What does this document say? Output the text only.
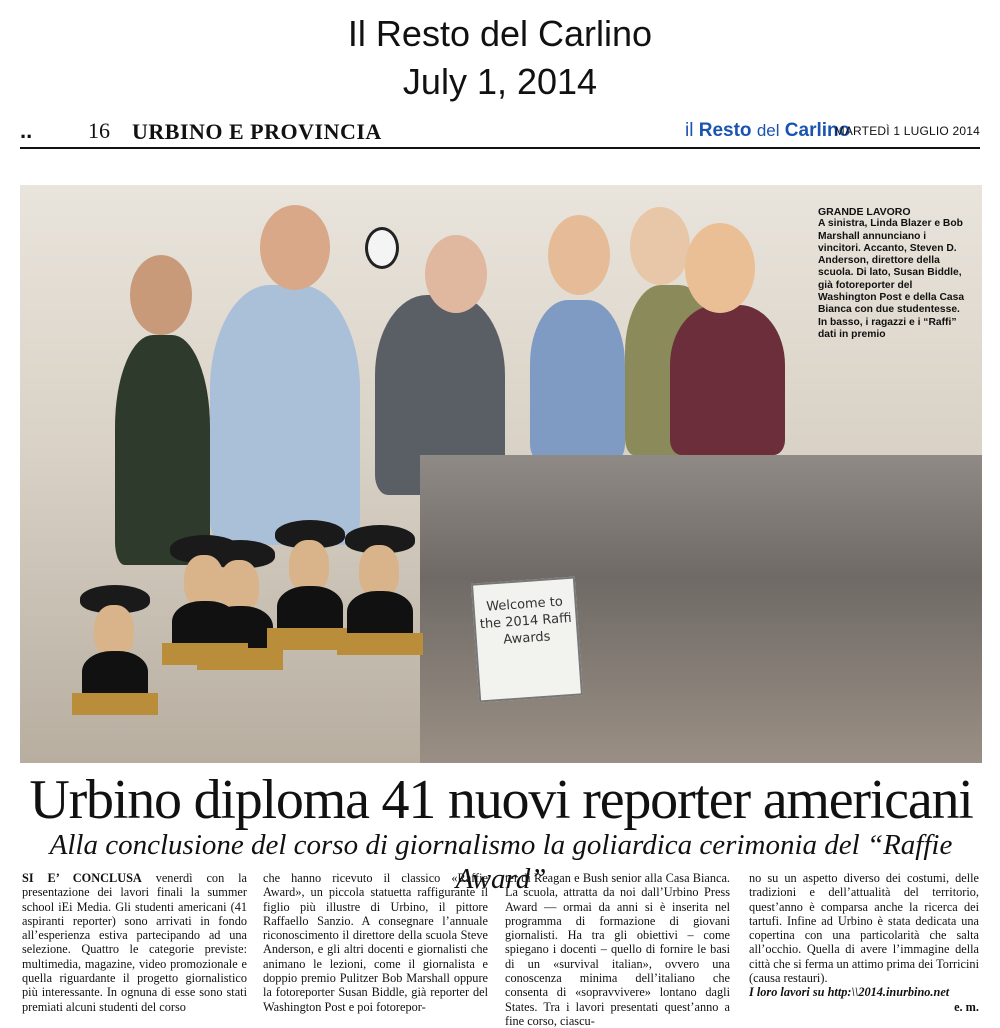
Il Resto del Carlino
July 1, 2014
..	16 URBINO E PROVINCIA	il Resto del Carlino
MARTEDÌ 1 LUGLIO 2014
Welcome to the 2014 Raffi Awards
GRANDE LAVORO
A sinistra, Linda Blazer e Bob Marshall annunciano i vincitori. Accanto, Steven D. Anderson, direttore della scuola. Di lato, Susan Biddle, già fotoreporter del Washington Post e della Casa Bianca con due studentesse. In basso, i ragazzi e i “Raffi” dati in premio
Urbino diploma 41 nuovi reporter americani
Alla conclusione del corso di giornalismo la goliardica cerimonia del “Raffie Award”
SI E’ CONCLUSA venerdì con la presentazione dei lavori finali la summer school iEi Media. Gli studenti americani (41 aspiranti reporter) sono arrivati in fondo all’esperienza estiva partecipando ad una selezione. Quattro le categorie previste: multimedia, magazine, video promozionale e quella riguardante il progetto giornalistico più interessante. In ognuna di esse sono stati premiati alcuni studenti del corso
che hanno ricevuto il classico «Raffie Award», un piccola statuetta raffigurante il figlio più illustre di Urbino, il pittore Raffaello Sanzio. A consegnare l’annuale riconoscimento il direttore della scuola Steve Anderson, e gli altri docenti e giornalisti che animano le lezioni, come il giornalista e doppio premio Pulitzer Bob Marshall oppure la fotoreporter Susan Biddle, già reporter del Washington Post e poi fotorepor-
ter di Reagan e Bush senior alla Casa Bianca. La scuola, attratta da noi dall’Urbino Press Award — ormai da anni si è inserita nel programma di formazione di giovani giornalisti. Ha tra gli obiettivi – come spiegano i docenti – quello di fornire le basi di un «survival italian», ovvero una conoscenza minima dell’italiano che consenta di «sopravvivere» lontano dagli States. Tra i lavori presentati quest’anno a fine corso, ciascu-
no su un aspetto diverso dei costumi, delle tradizioni e dell’attualità del territorio, quest’anno è comparsa anche la ricerca dei tartufi. Infine ad Urbino è stata dedicata una copertina con una particolarità che salta all’occhio. Quella di avere l’immagine della città che si ferma un attimo prima dei Torricini (causa restauri).
I loro lavori su http:\\2014.inurbino.net
e. m.
